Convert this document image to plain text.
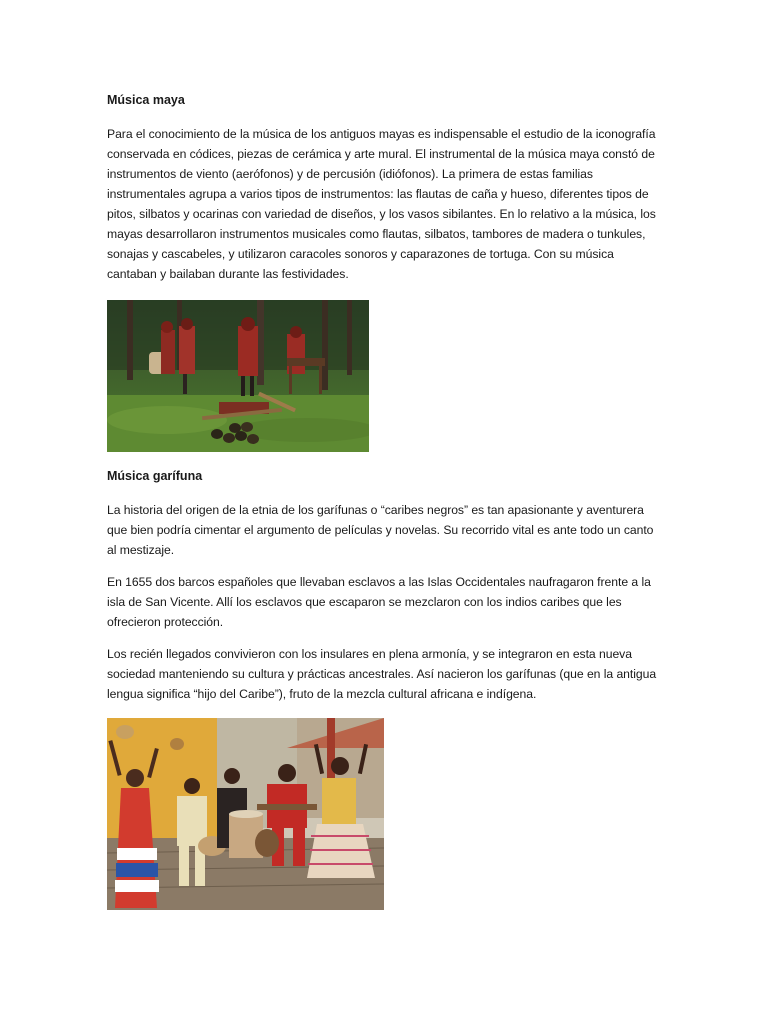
Música maya

Para el conocimiento de la música de los antiguos mayas es indispensable el estudio de la iconografía conservada en códices, piezas de cerámica y arte mural. El instrumental de la música maya constó de instrumentos de viento (aerófonos) y de percusión (idiófonos). La primera de estas familias instrumentales agrupa a varios tipos de instrumentos: las flautas de caña y hueso, diferentes tipos de pitos, silbatos y ocarinas con variedad de diseños, y los vasos sibilantes. En lo relativo a la música, los mayas desarrollaron instrumentos musicales como flautas, silbatos, tambores de madera o tunkules, sonajas y cascabeles, y utilizaron caracoles sonoros y caparazones de tortuga. Con su música cantaban y bailaban durante las festividades.

Música garífuna

La historia del origen de la etnia de los garífunas o “caribes negros” es tan apasionante y aventurera que bien podría cimentar el argumento de películas y novelas. Su recorrido vital es ante todo un canto al mestizaje.

En 1655 dos barcos españoles que llevaban esclavos a las Islas Occidentales naufragaron frente a la isla de San Vicente. Allí los esclavos que escaparon se mezclaron con los indios caribes que les ofrecieron protección.

Los recién llegados convivieron con los insulares en plena armonía, y se integraron en esta nueva sociedad manteniendo su cultura y prácticas ancestrales. Así nacieron los garífunas (que en la antigua lengua significa “hijo del Caribe”), fruto de la mezcla cultural africana e indígena.
